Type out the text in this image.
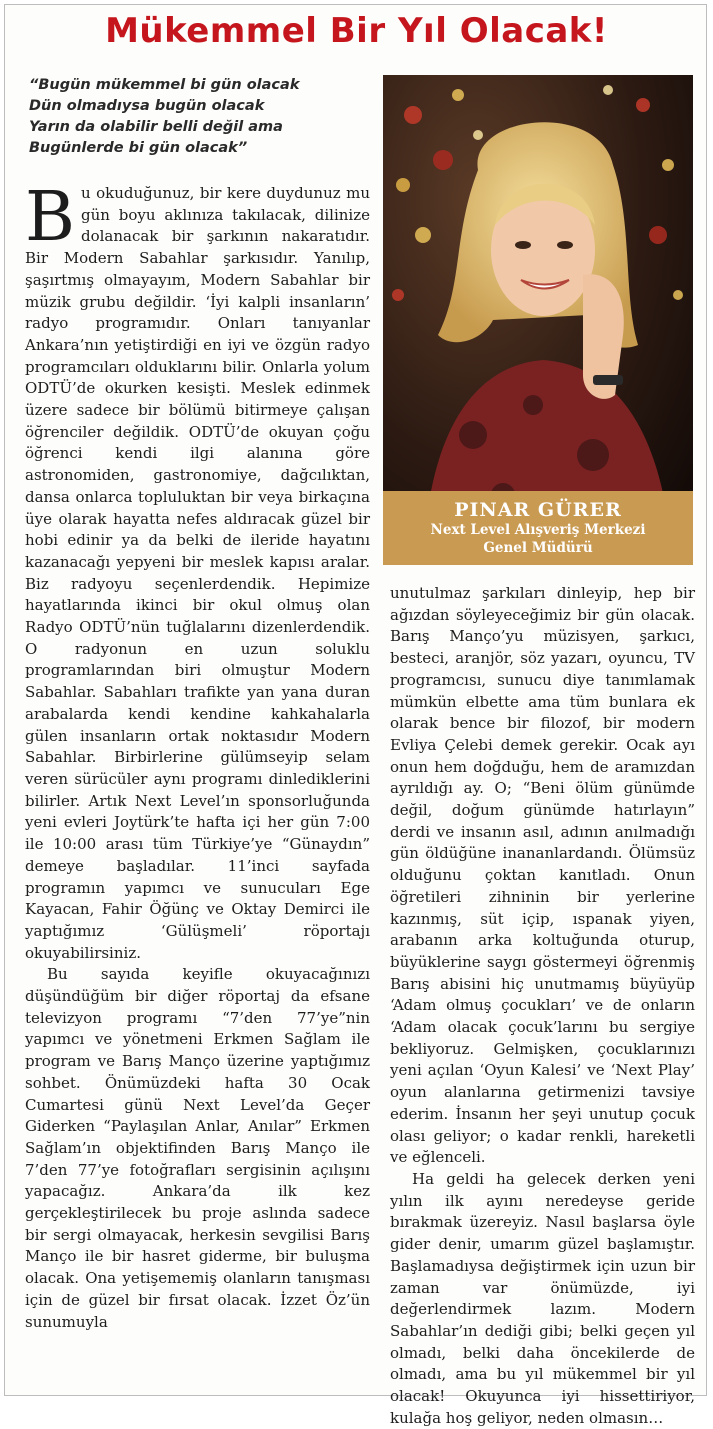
Mükemmel Bir Yıl Olacak!
“Bugün mükemmel bi gün olacak
Dün olmadıysa bugün olacak
Yarın da olabilir belli değil ama
Bugünlerde bi gün olacak”

Bu okuduğunuz, bir kere duydunuz mu gün boyu aklınıza takılacak, dilinize dolanacak bir şarkının nakaratıdır. Bir Modern Sabahlar şarkısıdır. Yanılıp, şaşırtmış olmayayım, Modern Sabahlar bir müzik grubu değildir. ‘İyi kalpli insanların’ radyo programıdır. Onları tanıyanlar Ankara’nın yetiştirdiği en iyi ve özgün radyo programcıları olduklarını bilir. Onlarla yolum ODTÜ’de okurken kesişti. Meslek edinmek üzere sadece bir bölümü bitirmeye çalışan öğrenciler değildik. ODTÜ’de okuyan çoğu öğrenci kendi ilgi alanına göre astronomiden, gastronomiye, dağcılıktan, dansa onlarca topluluktan bir veya birkaçına üye olarak hayatta nefes aldıracak güzel bir hobi edinir ya da belki de ileride hayatını kazanacağı yepyeni bir meslek kapısı aralar. Biz radyoyu seçenlerdendik. Hepimize hayatlarında ikinci bir okul olmuş olan Radyo ODTÜ’nün tuğlalarını dizenlerdendik. O radyonun en uzun soluklu programlarından biri olmuştur Modern Sabahlar. Sabahları trafikte yan yana duran arabalarda kendi kendine kahkahalarla gülen insanların ortak noktasıdır Modern Sabahlar. Birbirlerine gülümseyip selam veren sürücüler aynı programı dinlediklerini bilirler. Artık Next Level’ın sponsorluğunda yeni evleri Joytürk’te hafta içi her gün 7:00 ile 10:00 arası tüm Türkiye’ye “Günaydın” demeye başladılar. 11’inci sayfada programın yapımcı ve sunucuları Ege Kayacan, Fahir Öğünç ve Oktay Demirci ile yaptığımız ‘Gülüşmeli’ röportajı okuyabilirsiniz.

Bu sayıda keyifle okuyacağınızı düşündüğüm bir diğer röportaj da efsane televizyon programı “7’den 77’ye”nin yapımcı ve yönetmeni Erkmen Sağlam ile program ve Barış Manço üzerine yaptığımız sohbet. Önümüzdeki hafta 30 Ocak Cumartesi günü Next Level’da Geçer Giderken “Paylaşılan Anlar, Anılar” Erkmen Sağlam’ın objektifinden Barış Manço ile 7’den 77’ye fotoğrafları sergisinin açılışını yapacağız. Ankara’da ilk kez gerçekleştirilecek bu proje aslında sadece bir sergi olmayacak, herkesin sevgilisi Barış Manço ile bir hasret giderme, bir buluşma olacak. Ona yetişememiş olanların tanışması için de güzel bir fırsat olacak. İzzet Öz’ün sunumuyla

PINAR GÜRER
Next Level Alışveriş Merkezi
Genel Müdürü

unutulmaz şarkıları dinleyip, hep bir ağızdan söyleyeceğimiz bir gün olacak. Barış Manço’yu müzisyen, şarkıcı, besteci, aranjör, söz yazarı, oyuncu, TV programcısı, sunucu diye tanımlamak mümkün elbette ama tüm bunlara ek olarak bence bir filozof, bir modern Evliya Çelebi demek gerekir. Ocak ayı onun hem doğduğu, hem de aramızdan ayrıldığı ay. O; “Beni ölüm günümde değil, doğum günümde hatırlayın” derdi ve insanın asıl, adının anılmadığı gün öldüğüne inananlardandı. Ölümsüz olduğunu çoktan kanıtladı. Onun öğretileri zihninin bir yerlerine kazınmış, süt içip, ıspanak yiyen, arabanın arka koltuğunda oturup, büyüklerine saygı göstermeyi öğrenmiş Barış abisini hiç unutmamış büyüyüp ‘Adam olmuş çocukları’ ve de onların ‘Adam olacak çocuk’larını bu sergiye bekliyoruz. Gelmişken, çocuklarınızı yeni açılan ‘Oyun Kalesi’ ve ‘Next Play’ oyun alanlarına getirmenizi tavsiye ederim. İnsanın her şeyi unutup çocuk olası geliyor; o kadar renkli, hareketli ve eğlenceli.

Ha geldi ha gelecek derken yeni yılın ilk ayını neredeyse geride bırakmak üzereyiz. Nasıl başlarsa öyle gider denir, umarım güzel başlamıştır. Başlamadıysa değiştirmek için uzun bir zaman var önümüzde, iyi değerlendirmek lazım. Modern Sabahlar’ın dediği gibi; belki geçen yıl olmadı, belki daha öncekilerde de olmadı, ama bu yıl mükemmel bir yıl olacak! Okuyunca iyi hissettiriyor, kulağa hoş geliyor, neden olmasın…
